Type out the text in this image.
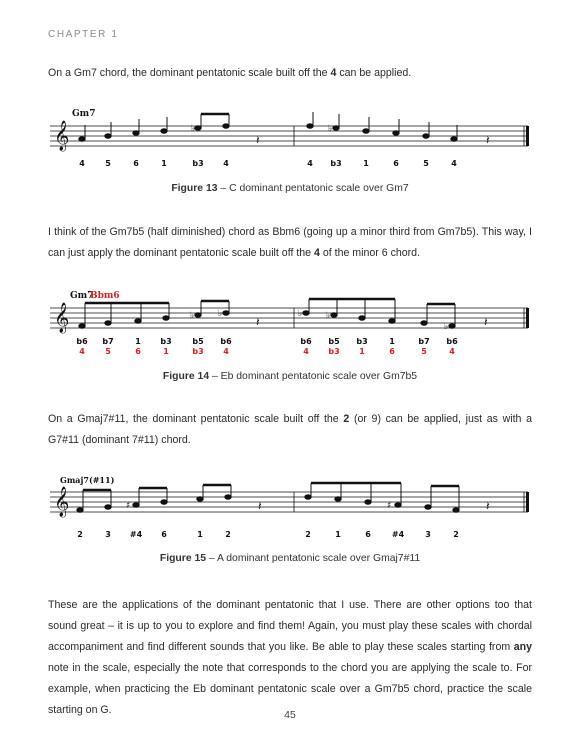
CHAPTER 1
On a Gm7 chord, the dominant pentatonic scale built off the 4 can be applied.
𝄞
Gm7
♭	♭
𝄽	𝄽
4	5	6	1	b3 4	4 b3	1	6	5	4
Figure 13 – C dominant pentatonic scale over Gm7
I think of the Gm7b5 (half diminished) chord as Bbm6 (going up a minor third from Gm7b5). This way, I can just apply the dominant pentatonic scale built off the 4 of the minor 6 chord.
𝄞
Gm7
Bbm6
♭	♭	♭	♭
♭
𝄽	𝄽
b6 b7	1 b3	b5 b6	b6 b5 b3	1	b7 b6
4	5	6	1	b3 4	4 b3 1	6	5	4
Figure 14 – Eb dominant pentatonic scale over Gm7b5
On a Gmaj7#11, the dominant pentatonic scale built off the 2 (or 9) can be applied, just as with a G7#11 (dominant 7#11) chord.
𝄞
Gmaj7(#11)
♯	♯
𝄽	𝄽
2	3 #4 6	1	2	2	1	6	#4	3	2
Figure 15 – A dominant pentatonic scale over Gmaj7#11
These are the applications of the dominant pentatonic that I use. There are other options too that sound great – it is up to you to explore and find them! Again, you must play these scales with chordal accompaniment and find different sounds that you like. Be able to play these scales starting from any note in the scale, especially the note that corresponds to the chord you are applying the scale to. For example, when practicing the Eb dominant pentatonic scale over a Gm7b5 chord, practice the scale starting on G.	45
